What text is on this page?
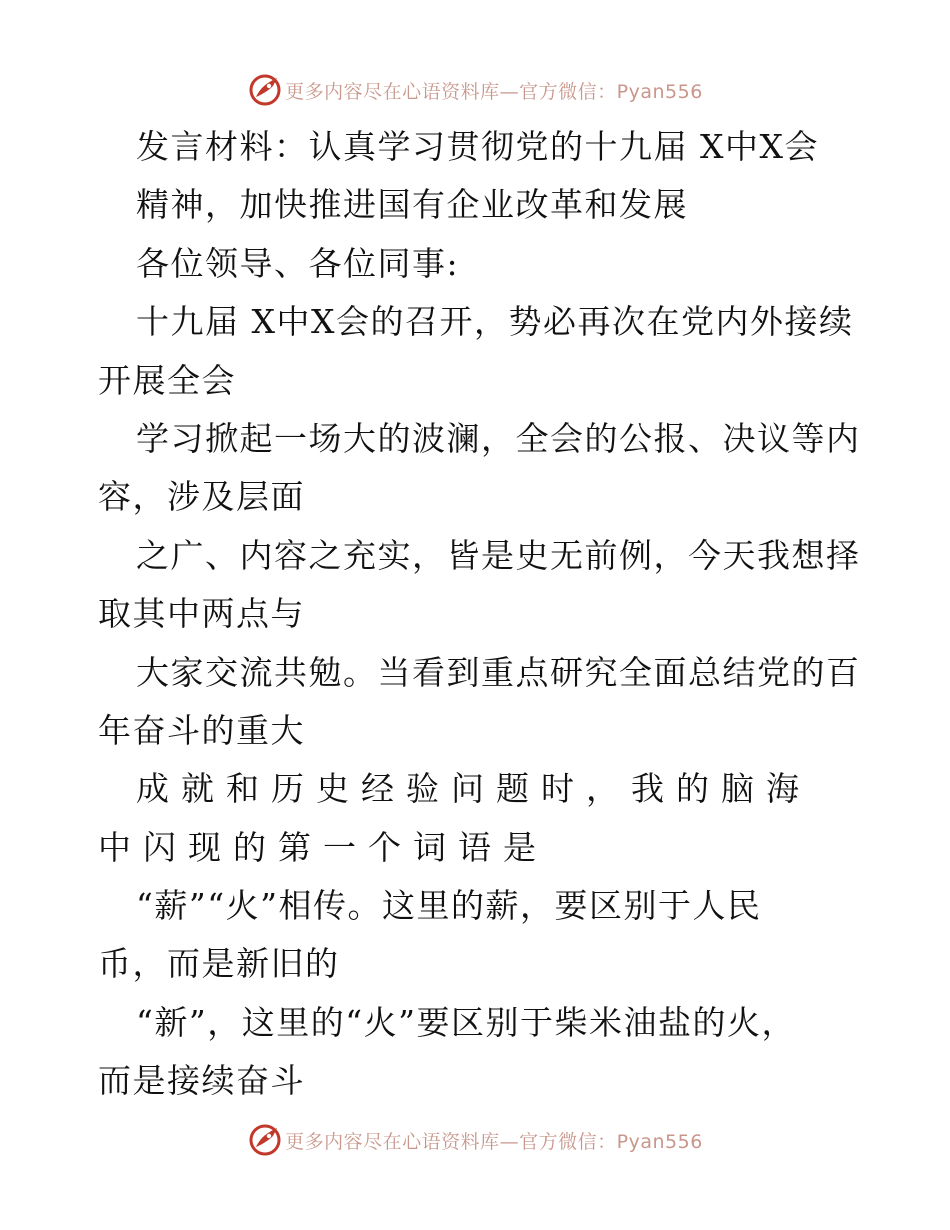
更多内容尽在心语资料库—官方微信：Pyan556
发言材料：认真学习贯彻党的十九届 X中X会
精神，加快推进国有企业改革和发展
各位领导、各位同事:
十九届 X中X会的召开，势必再次在党内外接续
开展全会
学习掀起一场大的波澜，全会的公报、决议等内
容，涉及层面
之广、内容之充实，皆是史无前例，今天我想择
取其中两点与
大家交流共勉。当看到重点研究全面总结党的百
年奋斗的重大
成就和历史经验问题时，我的脑海
中闪现的第一个词语是
“薪”“火”相传。这里的薪，要区别于人民
币，而是新旧的
“新”，这里的“火”要区别于柴米油盐的火，
而是接续奋斗
更多内容尽在心语资料库—官方微信：Pyan556
